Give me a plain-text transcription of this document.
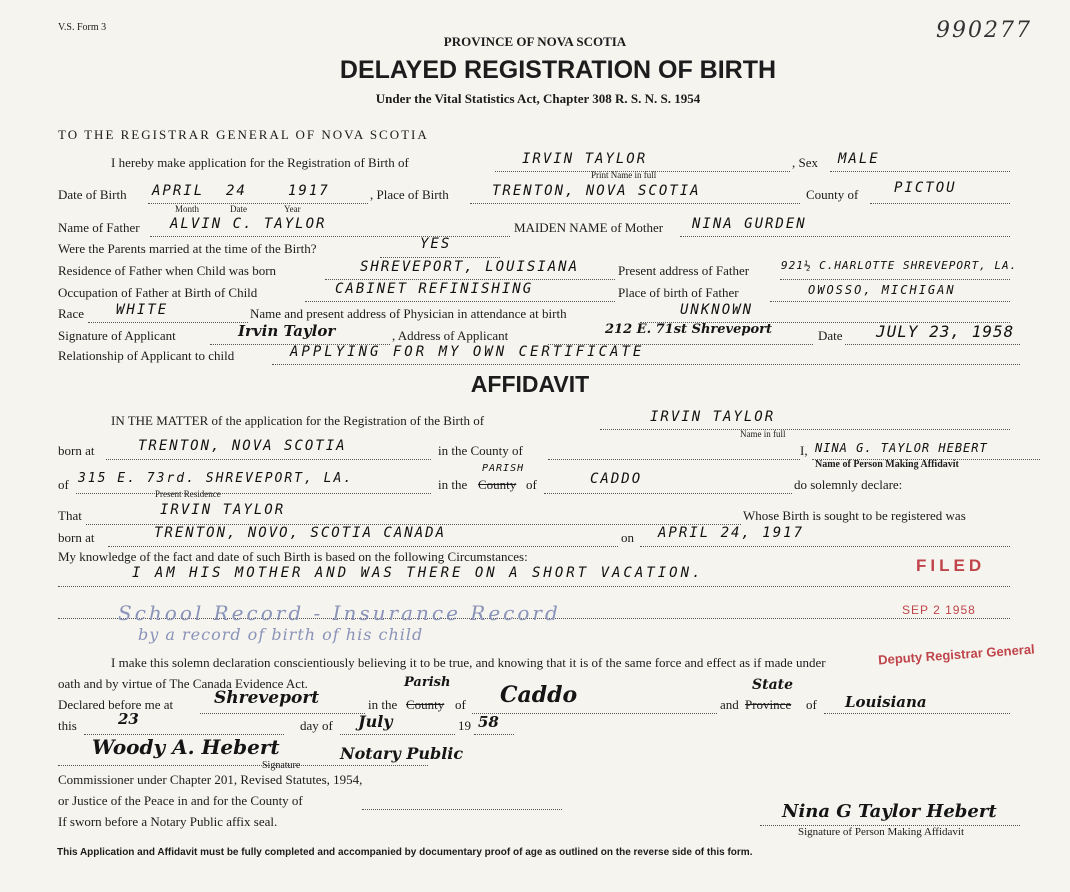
V.S. Form 3	990277
PROVINCE OF NOVA SCOTIA
DELAYED REGISTRATION OF BIRTH
Under the Vital Statistics Act, Chapter 308 R. S. N. S. 1954
TO THE REGISTRAR GENERAL OF NOVA SCOTIA
I hereby make application for the Registration of Birth of	IRVIN TAYLOR
Print Name in full
, Sex MALE
Date of Birth APRIL 24	1917
Month	Date	Year
, Place of Birth	TRENTON, NOVA SCOTIA	County of	PICTOU
Name of Father ALVIN C. TAYLOR	MAIDEN NAME of Mother NINA GURDEN
Were the Parents married at the time of the Birth?	YES
Residence of Father when Child was born	SHREVEPORT, LOUISIANA	Present address of Father	921½ C.HARLOTTE SHREVEPORT, LA.
Occupation of Father at Birth of Child	CABINET REFINISHING	Place of birth of Father	OWOSSO, MICHIGAN
Race WHITE	Name and present address of Physician in attendance at birth	UNKNOWN
Signature of Applicant	Irvin Taylor	, Address of Applicant	212 E. 71st Shreveport	Date JULY 23, 1958
Relationship of Applicant to child	APPLYING FOR MY OWN CERTIFICATE
AFFIDAVIT
IN THE MATTER of the application for the Registration of the Birth of	IRVIN TAYLOR
Name in full
born at	TRENTON, NOVA SCOTIA	in the County of	I, NINA G. TAYLOR HEBERT
Name of Person Making Affidavit
of 315 E. 73rd. SHREVEPORT, LA.
Present Residence
in the County
PARISH
of	CADDO	do solemnly declare:
That	IRVIN TAYLOR	Whose Birth is sought to be registered was
born at	TRENTON, NOVO, SCOTIA CANADA	on APRIL 24, 1917
My knowledge of the fact and date of such Birth is based on the following Circumstances:
I AM HIS MOTHER AND WAS THERE ON A SHORT VACATION.
School Record - Insurance Record
by a record of birth of his child
FILED
SEP 2 1958
Deputy Registrar General
I make this solemn declaration conscientiously believing it to be true, and knowing that it is of the same force and effect as if made under
oath and by virtue of The Canada Evidence Act.
Declared before me at Shreveport	in the County
Parish
of Caddo	and Province
State
of Louisiana
this	23	day of July	19 58
Woody A. Hebert
Signature
Notary Public
Commissioner under Chapter 201, Revised Statutes, 1954,
or Justice of the Peace in and for the County of
If sworn before a Notary Public affix seal.	Nina G Taylor Hebert
Signature of Person Making Affidavit
This Application and Affidavit must be fully completed and accompanied by documentary proof of age as outlined on the reverse side of this form.
